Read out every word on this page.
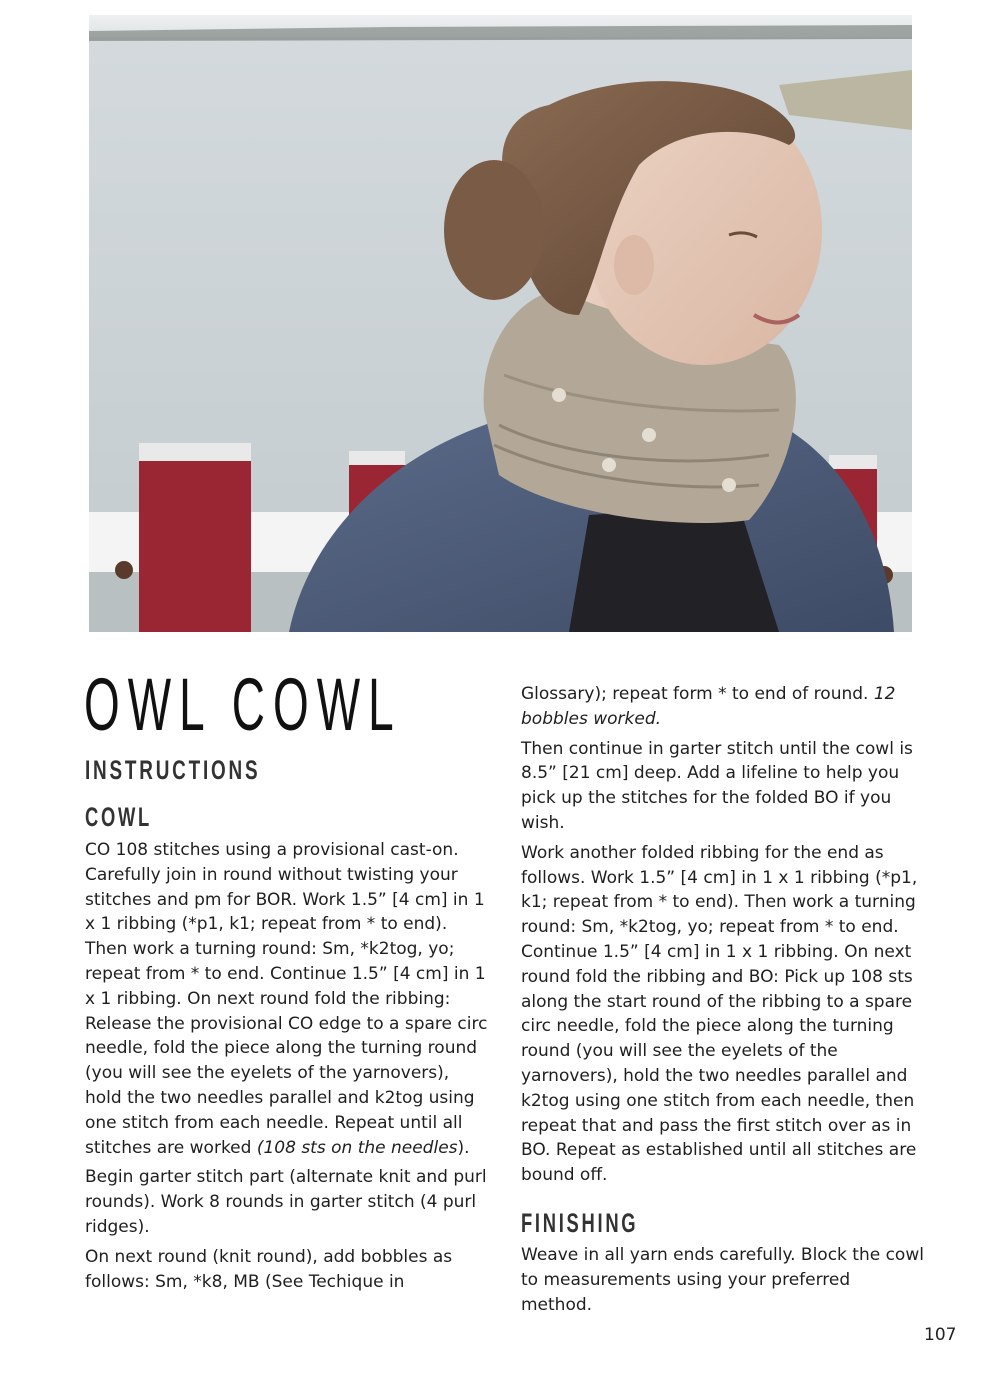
OWL COWL
INSTRUCTIONS
COWL

CO 108 stitches using a provisional cast-on. Carefully join in round without twisting your stitches and pm for BOR. Work 1.5” [4 cm] in 1 x 1 ribbing (*p1, k1; repeat from * to end). Then work a turning round: Sm, *k2tog, yo; repeat from * to end. Continue 1.5” [4 cm] in 1 x 1 ribbing. On next round fold the ribbing: Release the provisional CO edge to a spare circ needle, fold the piece along the turning round (you will see the eyelets of the yarnovers), hold the two needles parallel and k2tog using one stitch from each needle. Repeat until all stitches are worked (108 sts on the needles).

Begin garter stitch part (alternate knit and purl rounds). Work 8 rounds in garter stitch (4 purl ridges).

On next round (knit round), add bobbles as follows: Sm, *k8, MB (See Techique in

Glossary); repeat form * to end of round. 12 bobbles worked.

Then continue in garter stitch until the cowl is 8.5” [21 cm] deep. Add a lifeline to help you pick up the stitches for the folded BO if you wish.

Work another folded ribbing for the end as follows. Work 1.5” [4 cm] in 1 x 1 ribbing (*p1, k1; repeat from * to end). Then work a turning round: Sm, *k2tog, yo; repeat from * to end. Continue 1.5” [4 cm] in 1 x 1 ribbing. On next round fold the ribbing and BO: Pick up 108 sts along the start round of the ribbing to a spare circ needle, fold the piece along the turning round (you will see the eyelets of the yarnovers), hold the two needles parallel and k2tog using one stitch from each needle, then repeat that and pass the first stitch over as in BO. Repeat as established until all stitches are bound off.

FINISHING

Weave in all yarn ends carefully. Block the cowl to measurements using your preferred method.

107
